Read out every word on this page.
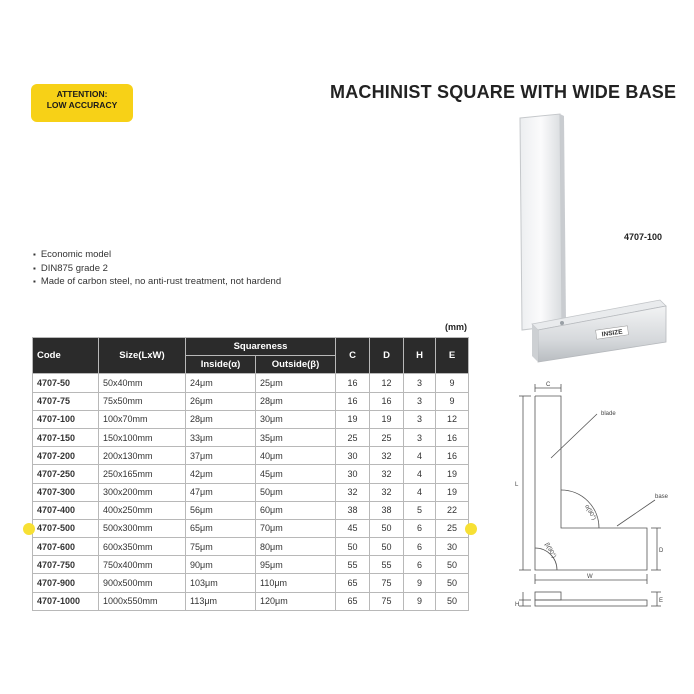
ATTENTION:
LOW ACCURACY
MACHINIST SQUARE WITH WIDE BASE
INSIZE
4707-100
▪ Economic model
▪ DIN875 grade 2
▪ Made of carbon steel, no anti-rust treatment, not hardend
(mm)
Code	Size(LxW)	Squareness		C	D	H	E
		Inside(α)	Outside(β)				
4707-50	50x40mm	24μm	25μm	16	12	3	9
4707-75	75x50mm	26μm	28μm	16	16	3	9
4707-100	100x70mm	28μm	30μm	19	19	3	12
4707-150	150x100mm	33μm	35μm	25	25	3	16
4707-200	200x130mm	37μm	40μm	30	32	4	16
4707-250	250x165mm	42μm	45μm	30	32	4	19
4707-300	300x200mm	47μm	50μm	32	32	4	19
4707-400	400x250mm	56μm	60μm	38	38	5	22
4707-500	500x300mm	65μm	70μm	45	50	6	25
4707-600	600x350mm	75μm	80μm	50	50	6	30
4707-750	750x400mm	90μm	95μm	55	55	6	50
4707-900	900x500mm	103μm	110μm	65	75	9	50
4707-1000	1000x550mm	113μm	120μm	65	75	9	50
C
L
W
D
H
E
blade
base
α(90°)
β(90°)
